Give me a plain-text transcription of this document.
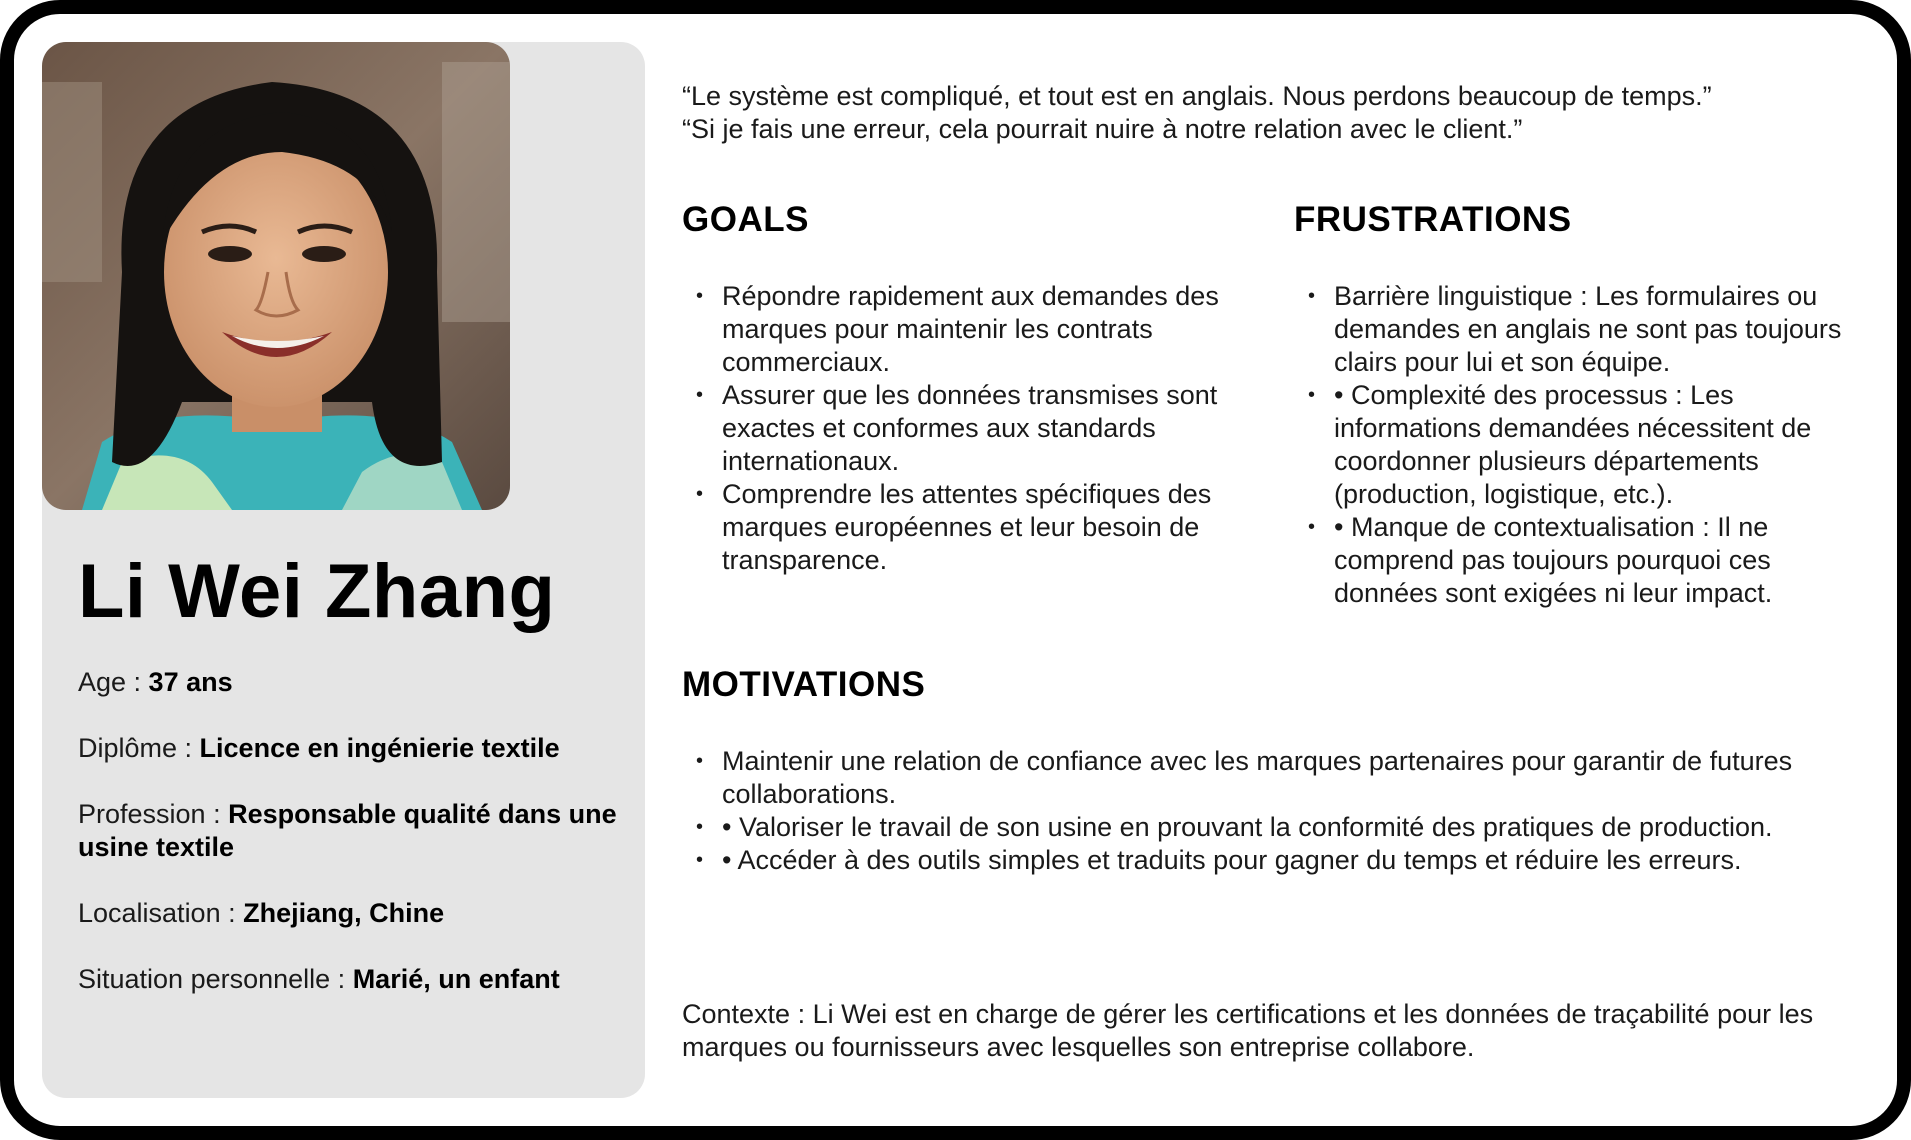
Li Wei Zhang
Age : 37 ans
Diplôme : Licence en ingénierie textile
Profession : Responsable qualité dans une usine textile
Localisation : Zhejiang, Chine
Situation personnelle : Marié, un enfant
“Le système est compliqué, et tout est en anglais. Nous perdons beaucoup de temps.”
“Si je fais une erreur, cela pourrait nuire à notre relation avec le client.”
GOALS
• Répondre rapidement aux demandes des marques pour maintenir les contrats commerciaux.
• Assurer que les données transmises sont exactes et conformes aux standards internationaux.
• Comprendre les attentes spécifiques des marques européennes et leur besoin de transparence.
FRUSTRATIONS
• Barrière linguistique : Les formulaires ou demandes en anglais ne sont pas toujours clairs pour lui et son équipe.
• • Complexité des processus : Les informations demandées nécessitent de coordonner plusieurs départements (production, logistique, etc.).
• • Manque de contextualisation : Il ne comprend pas toujours pourquoi ces données sont exigées ni leur impact.
MOTIVATIONS
• Maintenir une relation de confiance avec les marques partenaires pour garantir de futures collaborations.
• • Valoriser le travail de son usine en prouvant la conformité des pratiques de production.
• • Accéder à des outils simples et traduits pour gagner du temps et réduire les erreurs.

Contexte : Li Wei est en charge de gérer les certifications et les données de traçabilité pour les marques ou fournisseurs avec lesquelles son entreprise collabore.
